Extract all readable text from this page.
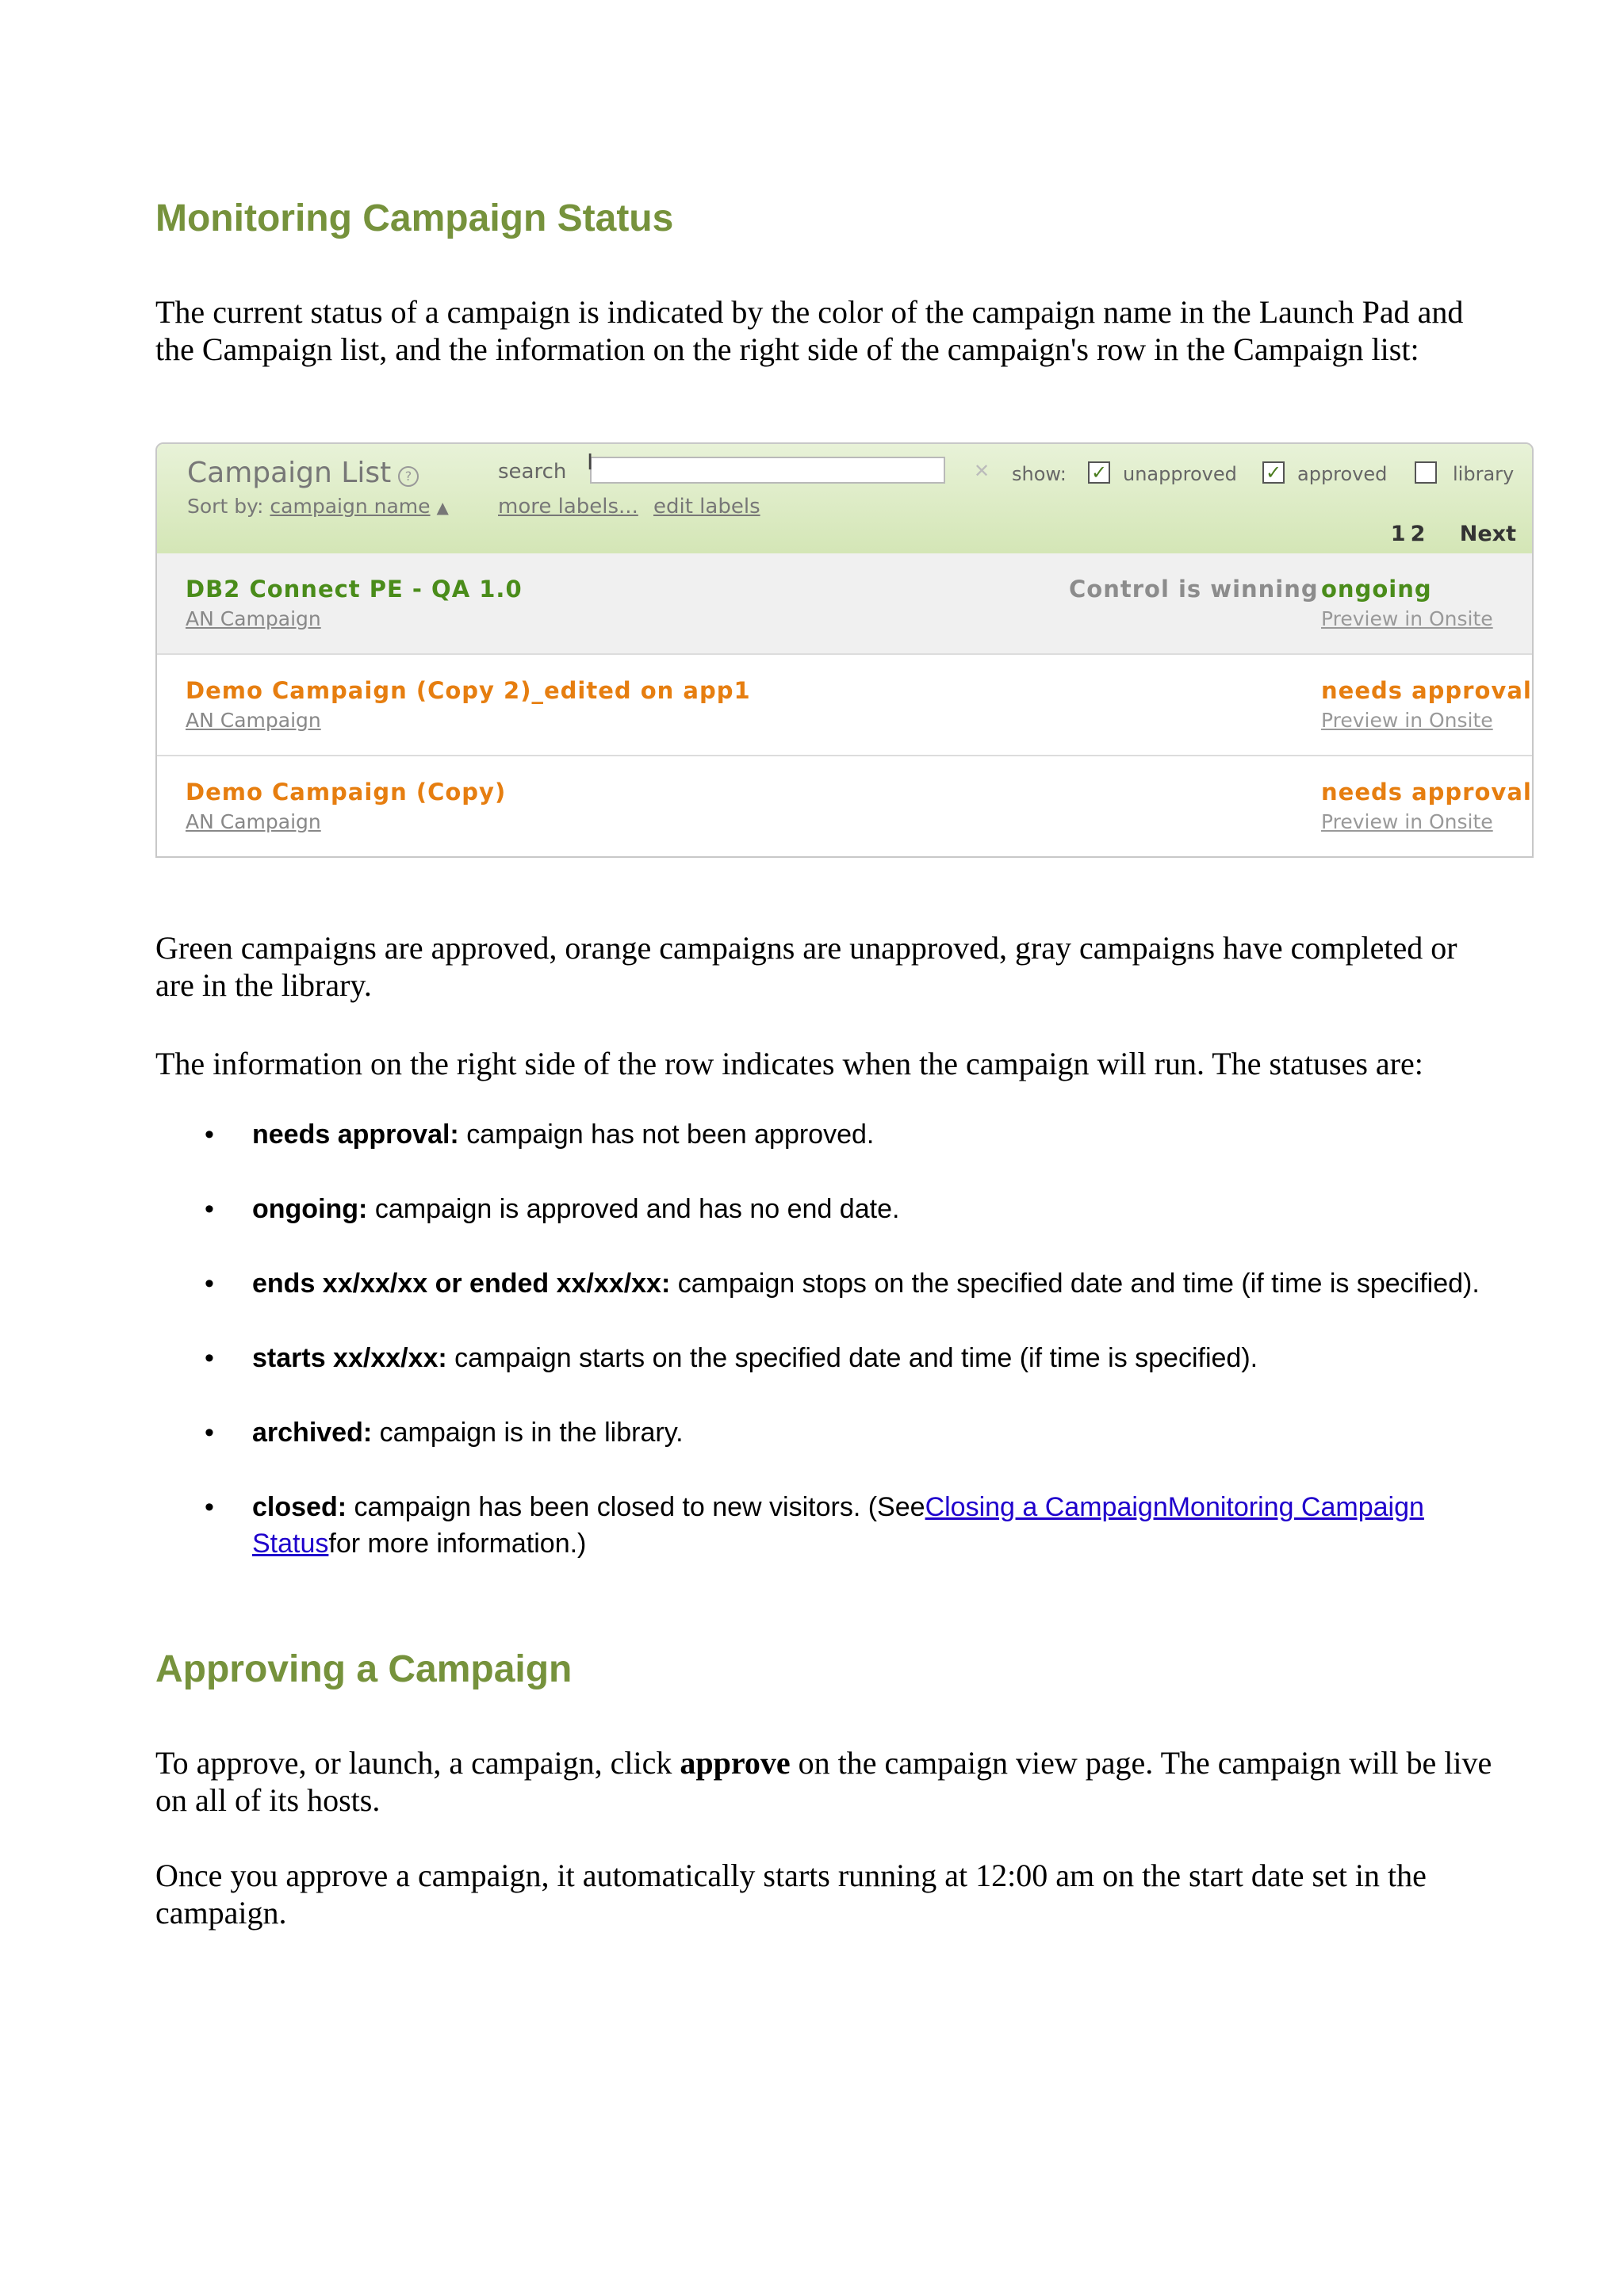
Monitoring Campaign Status

The current status of a campaign is indicated by the color of the campaign name in the Launch Pad and the Campaign list, and the information on the right side of the campaign's row in the Campaign list:

Campaign List	?
Sort by: campaign name ▲
search I	✕
more labels... edit labels
show: ✓ unapproved ✓ approved	library
1 2 Next
DB2 Connect PE - QA 1.0
AN Campaign
Control is winning ongoing
Preview in Onsite
Demo Campaign (Copy 2)_edited on app1
AN Campaign
needs approval
Preview in Onsite
Demo Campaign (Copy)
AN Campaign
needs approval
Preview in Onsite

Green campaigns are approved, orange campaigns are unapproved, gray campaigns have completed or are in the library.

The information on the right side of the row indicates when the campaign will run. The statuses are:

• needs approval: campaign has not been approved.
• ongoing: campaign is approved and has no end date.
• ends xx/xx/xx or ended xx/xx/xx: campaign stops on the specified date and time (if time is specified).
• starts xx/xx/xx: campaign starts on the specified date and time (if time is specified).
• archived: campaign is in the library.
• closed: campaign has been closed to new visitors. (SeeClosing a CampaignMonitoring Campaign Statusfor more information.)
Approving a Campaign

To approve, or launch, a campaign, click approve on the campaign view page. The campaign will be live on all of its hosts.

Once you approve a campaign, it automatically starts running at 12:00 am on the start date set in the campaign.
